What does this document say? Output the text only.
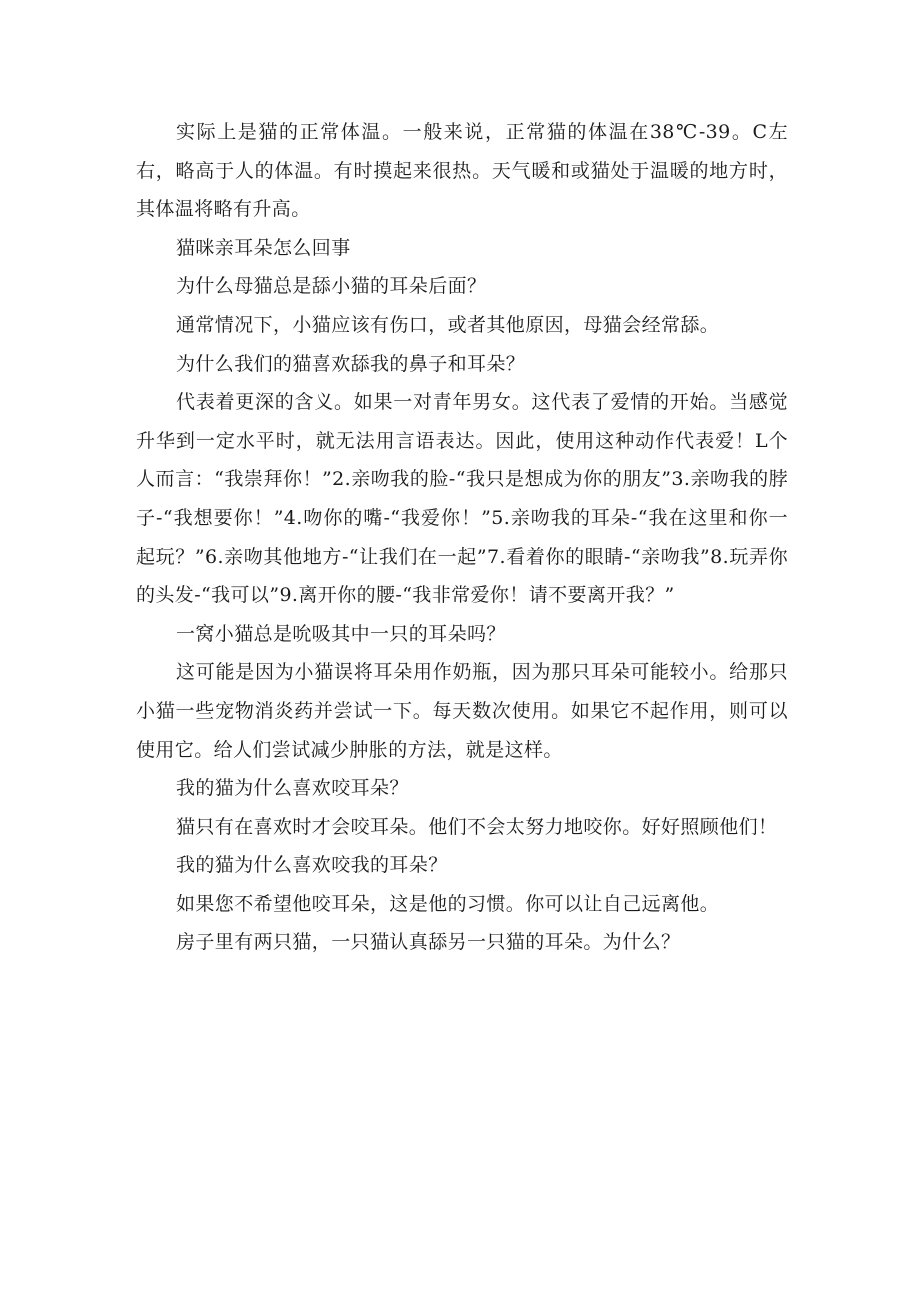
实际上是猫的正常体温。一般来说，正常猫的体温在38℃-39。C左右，略高于人的体温。有时摸起来很热。天气暖和或猫处于温暖的地方时，其体温将略有升高。

猫咪亲耳朵怎么回事

为什么母猫总是舔小猫的耳朵后面？

通常情况下，小猫应该有伤口，或者其他原因，母猫会经常舔。

为什么我们的猫喜欢舔我的鼻子和耳朵？

代表着更深的含义。如果一对青年男女。这代表了爱情的开始。当感觉升华到一定水平时，就无法用言语表达。因此，使用这种动作代表爱！L个人而言：“我崇拜你！”2.亲吻我的脸-“我只是想成为你的朋友”3.亲吻我的脖子-“我想要你！”4.吻你的嘴-“我爱你！”5.亲吻我的耳朵-“我在这里和你一起玩？”6.亲吻其他地方-“让我们在一起”7.看着你的眼睛-“亲吻我”8.玩弄你的头发-“我可以”9.离开你的腰-“我非常爱你！请不要离开我？”

一窝小猫总是吮吸其中一只的耳朵吗？

这可能是因为小猫误将耳朵用作奶瓶，因为那只耳朵可能较小。给那只小猫一些宠物消炎药并尝试一下。每天数次使用。如果它不起作用，则可以使用它。给人们尝试减少肿胀的方法，就是这样。

我的猫为什么喜欢咬耳朵？

猫只有在喜欢时才会咬耳朵。他们不会太努力地咬你。好好照顾他们！

我的猫为什么喜欢咬我的耳朵？

如果您不希望他咬耳朵，这是他的习惯。你可以让自己远离他。

房子里有两只猫，一只猫认真舔另一只猫的耳朵。为什么？
